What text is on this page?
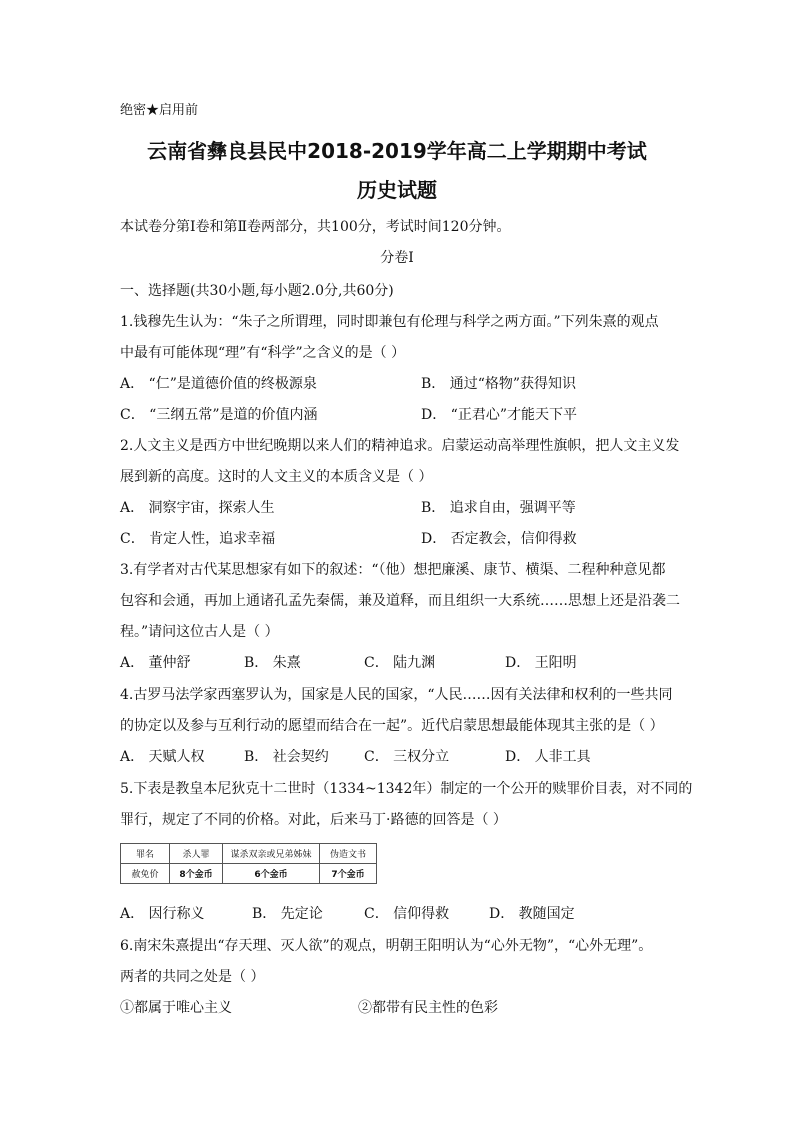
绝密★启用前
云南省彝良县民中2018-2019学年高二上学期期中考试
历史试题
本试卷分第Ⅰ卷和第Ⅱ卷两部分，共100分，考试时间120分钟。
分卷I
一、选择题(共30小题,每小题2.0分,共60分)
1.钱穆先生认为：“朱子之所谓理，同时即兼包有伦理与科学之两方面。”下列朱熹的观点
中最有可能体现“理”有“科学”之含义的是（ ）
A． “仁”是道德价值的终极源泉	B． 通过“格物”获得知识
C． “三纲五常”是道的价值内涵	D． “正君心”才能天下平
2.人文主义是西方中世纪晚期以来人们的精神追求。启蒙运动高举理性旗帜，把人文主义发
展到新的高度。这时的人文主义的本质含义是（ ）
A． 洞察宇宙，探索人生	B． 追求自由，强调平等
C． 肯定人性，追求幸福	D． 否定教会，信仰得救
3.有学者对古代某思想家有如下的叙述：“（他）想把廉溪、康节、横渠、二程种种意见都
包容和会通，再加上通诸孔孟先秦儒，兼及道释，而且组织一大系统……思想上还是沿袭二
程。”请问这位古人是（ ）
A． 董仲舒	B． 朱熹	C． 陆九渊	D． 王阳明
4.古罗马法学家西塞罗认为，国家是人民的国家，“人民……因有关法律和权利的一些共同
的协定以及参与互利行动的愿望而结合在一起”。近代启蒙思想最能体现其主张的是（ ）
A． 天赋人权	B． 社会契约	C． 三权分立	D． 人非工具
5.下表是教皇本尼狄克十二世时（1334~1342年）制定的一个公开的赎罪价目表，对不同的
罪行，规定了不同的价格。对此，后来马丁·路德的回答是（ ）
罪名	杀人罪	谋杀双亲或兄弟姊妹	伪造文书
赦免价	8个金币	6个金币	7个金币
A． 因行称义	B． 先定论	C． 信仰得救	D． 教随国定
6.南宋朱熹提出“存天理、灭人欲”的观点，明朝王阳明认为“心外无物”，“心外无理”。
两者的共同之处是（ ）
①都属于唯心主义	②都带有民主性的色彩
